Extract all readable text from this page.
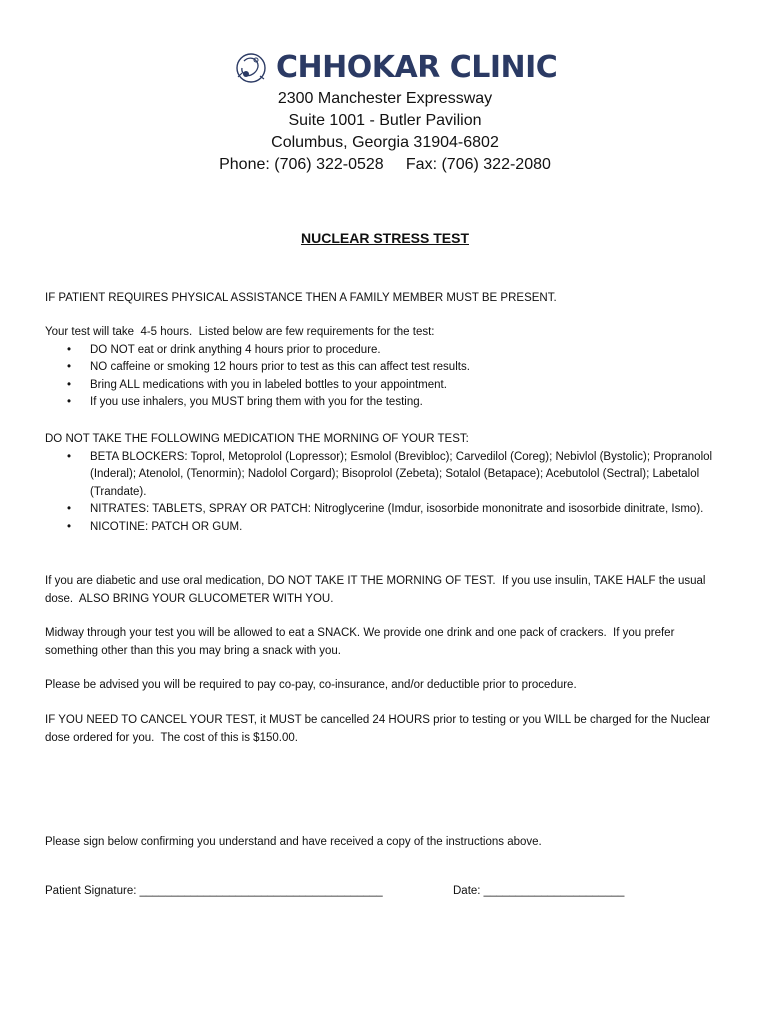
CHHOKAR CLINIC
2300 Manchester Expressway
Suite 1001 - Butler Pavilion
Columbus, Georgia 31904-6802
Phone: (706) 322-0528     Fax: (706) 322-2080
NUCLEAR STRESS TEST

IF PATIENT REQUIRES PHYSICAL ASSISTANCE THEN A FAMILY MEMBER MUST BE PRESENT.

Your test will take  4-5 hours.  Listed below are few requirements for the test:

• DO NOT eat or drink anything 4 hours prior to procedure.
• NO caffeine or smoking 12 hours prior to test as this can affect test results.
• Bring ALL medications with you in labeled bottles to your appointment.
• If you use inhalers, you MUST bring them with you for the testing.

DO NOT TAKE THE FOLLOWING MEDICATION THE MORNING OF YOUR TEST:

• BETA BLOCKERS: Toprol, Metoprolol (Lopressor); Esmolol (Brevibloc); Carvedilol (Coreg); Nebivlol (Bystolic); Propranolol (Inderal); Atenolol, (Tenormin); Nadolol Corgard); Bisoprolol (Zebeta); Sotalol (Betapace); Acebutolol (Sectral); Labetalol (Trandate).
• NITRATES: TABLETS, SPRAY OR PATCH: Nitroglycerine (Imdur, isosorbide mononitrate and isosorbide dinitrate, Ismo).
• NICOTINE: PATCH OR GUM.

If you are diabetic and use oral medication, DO NOT TAKE IT THE MORNING OF TEST.  If you use insulin, TAKE HALF the usual dose.  ALSO BRING YOUR GLUCOMETER WITH YOU.

Midway through your test you will be allowed to eat a SNACK. We provide one drink and one pack of crackers.  If you prefer something other than this you may bring a snack with you.

Please be advised you will be required to pay co-pay, co-insurance, and/or deductible prior to procedure.

IF YOU NEED TO CANCEL YOUR TEST, it MUST be cancelled 24 HOURS prior to testing or you WILL be charged for the Nuclear dose ordered for you.  The cost of this is $150.00.

Please sign below confirming you understand and have received a copy of the instructions above.

Patient Signature: ______________________________________	Date: ______________________
